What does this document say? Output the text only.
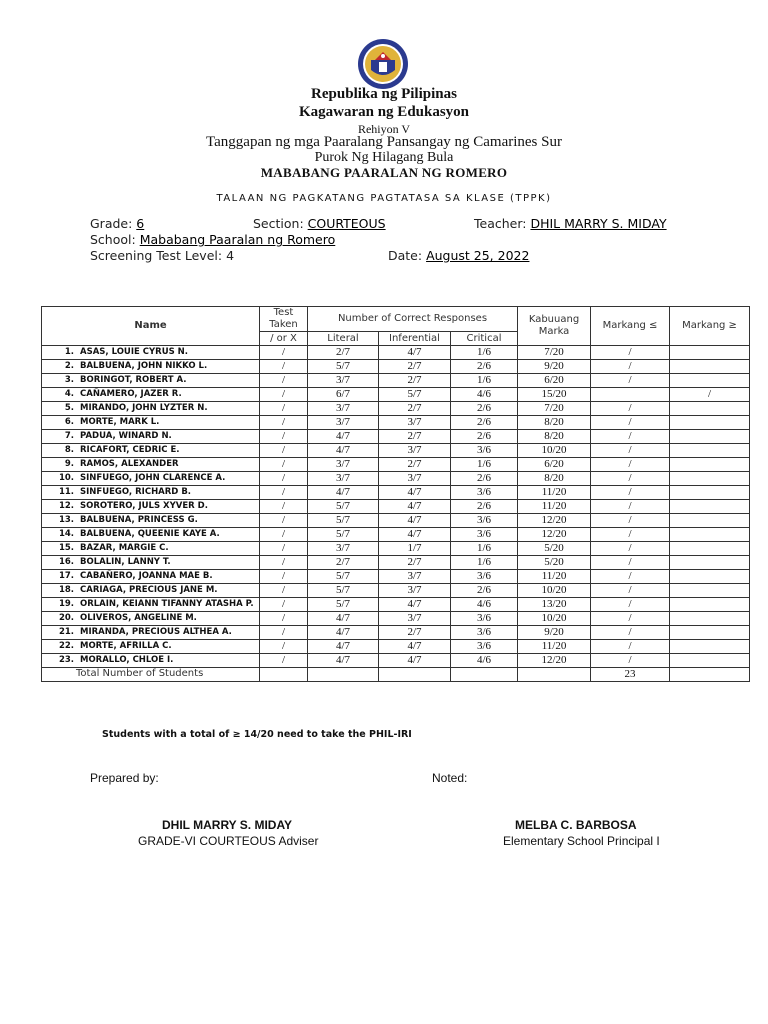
Republika ng Pilipinas
Kagawaran ng Edukasyon
Rehiyon V
Tanggapan ng mga Paaralang Pansangay ng Camarines Sur
Purok Ng Hilagang Bula
MABABANG PAARALAN NG ROMERO
TALAAN NG PAGKATANG PAGTATASA SA KLASE (TPPK)
Grade: 6	Section: COURTEOUS	Teacher: DHIL MARRY S. MIDAY
School: Mababang Paaralan ng Romero
Screening Test Level: 4	Date: August 25, 2022
Name	Test Taken	Number of Correct Responses			Kabuuang Marka	Markang ≤	Markang ≥
	/ or X	Literal	Inferential	Critical			
1. ASAS, LOUIE CYRUS N.	/	2/7	4/7	1/6	7/20	/	
2. BALBUENA, JOHN NIKKO L.	/	5/7	2/7	2/6	9/20	/	
3. BORINGOT, ROBERT A.	/	3/7	2/7	1/6	6/20	/	
4. CAÑAMERO, JAZER R.	/	6/7	5/7	4/6	15/20		/
5. MIRANDO, JOHN LYZTER N.	/	3/7	2/7	2/6	7/20	/	
6. MORTE, MARK L.	/	3/7	3/7	2/6	8/20	/	
7. PADUA, WINARD N.	/	4/7	2/7	2/6	8/20	/	
8. RICAFORT, CEDRIC E.	/	4/7	3/7	3/6	10/20	/	
9. RAMOS, ALEXANDER	/	3/7	2/7	1/6	6/20	/	
10. SINFUEGO, JOHN CLARENCE A.	/	3/7	3/7	2/6	8/20	/	
11. SINFUEGO, RICHARD B.	/	4/7	4/7	3/6	11/20	/	
12. SOROTERO, JULS XYVER D.	/	5/7	4/7	2/6	11/20	/	
13. BALBUENA, PRINCESS G.	/	5/7	4/7	3/6	12/20	/	
14. BALBUENA, QUEENIE KAYE A.	/	5/7	4/7	3/6	12/20	/	
15. BAZAR, MARGIE C.	/	3/7	1/7	1/6	5/20	/	
16. BOLALIN, LANNY T.	/	2/7	2/7	1/6	5/20	/	
17. CABAÑERO, JOANNA MAE B.	/	5/7	3/7	3/6	11/20	/	
18. CARIAGA, PRECIOUS JANE M.	/	5/7	3/7	2/6	10/20	/	
19. ORLAIN, KEIANN TIFANNY ATASHA P.	/	5/7	4/7	4/6	13/20	/	
20. OLIVEROS, ANGELINE M.	/	4/7	3/7	3/6	10/20	/	
21. MIRANDA, PRECIOUS ALTHEA A.	/	4/7	2/7	3/6	9/20	/	
22. MORTE, AFRILLA C.	/	4/7	4/7	3/6	11/20	/	
23. MORALLO, CHLOE I.	/	4/7	4/7	4/6	12/20	/	
Total Number of Students						23	
Students with a total of ≥ 14/20 need to take the PHIL-IRI
Prepared by:	Noted:
DHIL MARRY S. MIDAY
GRADE-VI COURTEOUS Adviser
MELBA C. BARBOSA
Elementary School Principal I
